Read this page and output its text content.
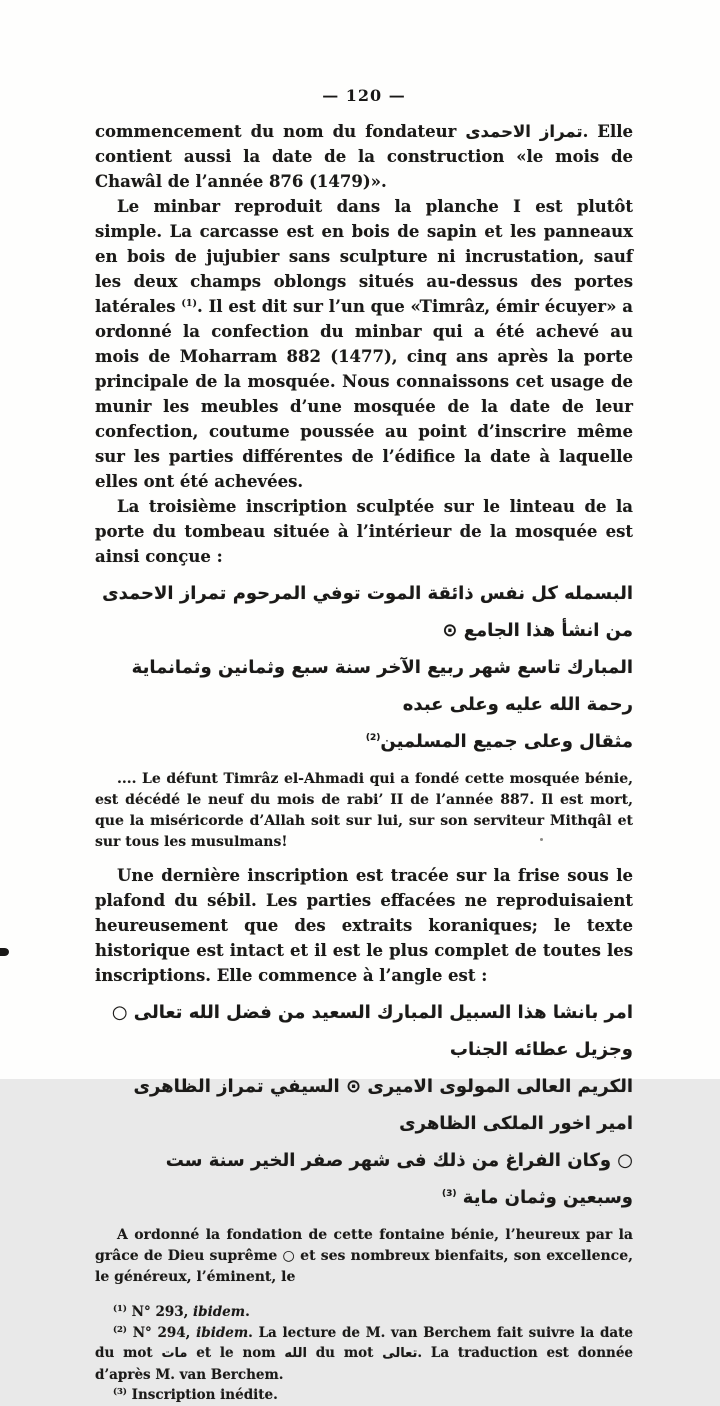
— 120 —

commencement du nom du fondateur تمراز الاحمدى. Elle contient aussi la date de la construction «le mois de Chawâl de l’année 876 (1479)».

Le minbar reproduit dans la planche I est plutôt simple. La carcasse est en bois de sapin et les panneaux en bois de jujubier sans sculpture ni incrustation, sauf les deux champs oblongs situés au-dessus des portes latérales $^{(1)}$. Il est dit sur l’un que «Timrâz, émir écuyer» a ordonné la confection du minbar qui a été achevé au mois de Moharram 882 (1477), cinq ans après la porte principale de la mosquée. Nous connaissons cet usage de munir les meubles d’une mosquée de la date de leur confection, coutume poussée au point d’inscrire même sur les parties différentes de l’édifice la date à laquelle elles ont été achevées.

La troisième inscription sculptée sur le linteau de la porte du tombeau située à l’intérieur de la mosquée est ainsi conçue :

البسمله كل نفس ذائقة الموت توفي المرحوم تمراز الاحمدى من انشأ هذا الجامع ⊙
المبارك تاسع شهر ربيع الآخر سنة سبع وثمانين وثمانماية رحمة الله عليه وعلى عبده
مثقال وعلى جميع المسلمين$^{(2)}$

.... Le défunt Timrâz el-Ahmadi qui a fondé cette mosquée bénie, est décédé le neuf du mois de rabi’ II de l’année 887. Il est mort, que la miséricorde d’Allah soit sur lui, sur son serviteur Mithqâl et sur tous les musulmans!

Une dernière inscription est tracée sur la frise sous le plafond du sébil. Les parties effacées ne reproduisaient heureusement que des extraits koraniques; le texte historique est intact et il est le plus complet de toutes les inscriptions. Elle commence à l’angle est :

امر بانشا هذا السبيل المبارك السعيد من فضل الله تعالى ○ وجزيل عطائه الجناب
الكريم العالى المولوى الاميرى ⊙ السيفي تمراز الظاهرى امير اخور الملكى الظاهرى
○ وكان الفراغ من ذلك فى شهر صفر الخير سنة ست وسبعين وثمان ماية $^{(3)}$

A ordonné la fondation de cette fontaine bénie, l’heureux par la grâce de Dieu suprême ○ et ses nombreux bienfaits, son excellence, le généreux, l’éminent, le

$^{(1)}$ N° 293, ibidem.

$^{(2)}$ N° 294, ibidem. La lecture de M. van Berchem fait suivre la date du mot مات et le nom الله du mot تعالى. La traduction est donnée d’après M. van Berchem.

$^{(3)}$ Inscription inédite.
